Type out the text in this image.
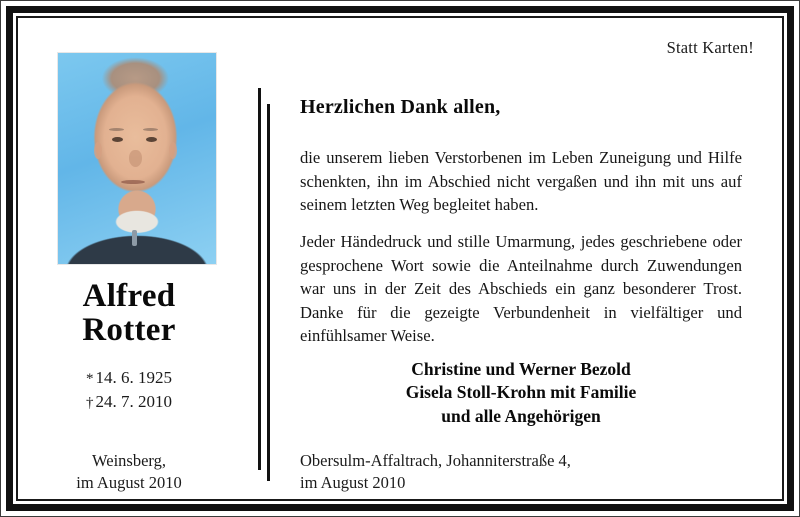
Statt Karten!
Alfred
Rotter
* 14. 6. 1925
† 24. 7. 2010
Weinsberg,
im August 2010
Herzlichen Dank allen,
die unserem lieben Verstorbenen im Leben Zuneigung und Hilfe schenkten, ihn im Abschied nicht vergaßen und ihn mit uns auf seinem letzten Weg begleitet haben.
Jeder Händedruck und stille Umarmung, jedes geschriebene oder gesprochene Wort sowie die Anteilnahme durch Zuwendungen war uns in der Zeit des Abschieds ein ganz besonderer Trost. Danke für die gezeigte Verbundenheit in vielfältiger und einfühlsamer Weise.
Christine und Werner Bezold
Gisela Stoll-Krohn mit Familie
und alle Angehörigen
Obersulm-Affaltrach, Johanniterstraße 4,
im August 2010
